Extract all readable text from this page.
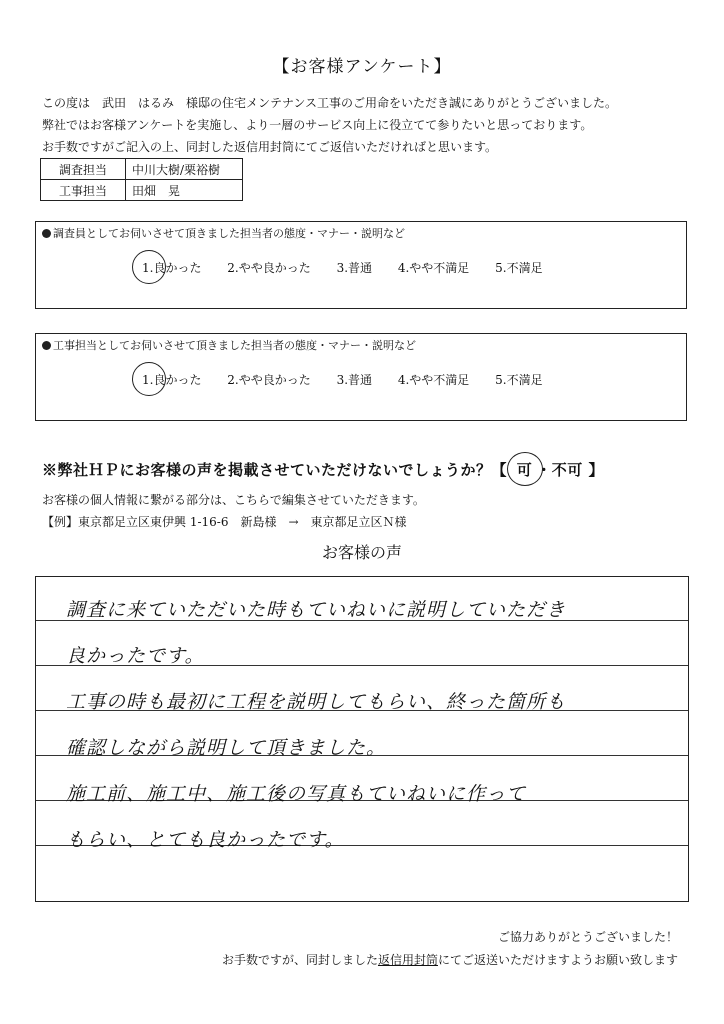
【お客様アンケート】
この度は　武田　はるみ　様邸の住宅メンテナンス工事のご用命をいただき誠にありがとうございました。
弊社ではお客様アンケートを実施し、より一層のサービス向上に役立てて参りたいと思っております。
お手数ですがご記入の上、同封した返信用封筒にてご返信いただければと思います。
調査担当	中川大樹/栗裕樹
工事担当	田畑　晃
調査員としてお伺いさせて頂きました担当者の態度・マナー・説明など
1.良かった 2.やや良かった 3.普通 4.やや不満足 5.不満足
工事担当としてお伺いさせて頂きました担当者の態度・マナー・説明など
1.良かった 2.やや良かった 3.普通 4.やや不満足 5.不満足
※弊社ＨＰにお客様の声を掲載させていただけないでしょうか？【 可 ・不可 】
お客様の個人情報に繋がる部分は、こちらで編集させていただきます。
【例】東京都足立区東伊興 1-16-6　新島様　→　東京都足立区Ｎ様
お客様の声
調査に来ていただいた時もていねいに説明していただき
良かったです。
工事の時も最初に工程を説明してもらい、終った箇所も
確認しながら説明して頂きました。
施工前、施工中、施工後の写真もていねいに作って
もらい、とても良かったです。
ご協力ありがとうございました！
お手数ですが、同封しました返信用封筒にてご返送いただけますようお願い致します
